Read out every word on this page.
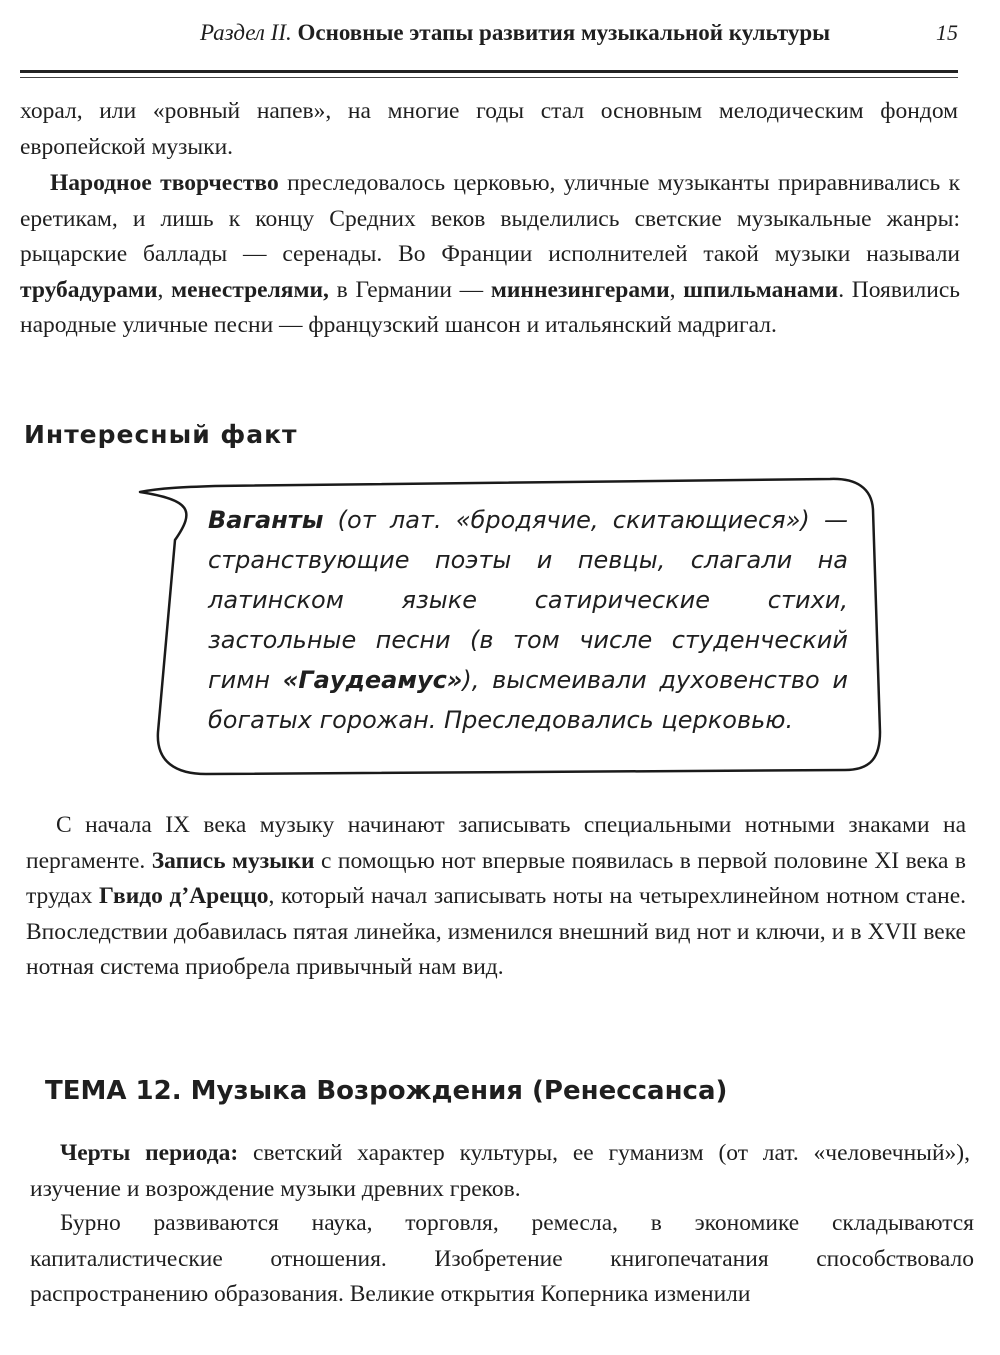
Раздел II. Основные этапы развития музыкальной культуры	15

хорал, или «ровный напев», на многие годы стал основным мелодическим фондом европейской музыки.

Народное творчество преследовалось церковью, уличные музыканты приравнивались к еретикам, и лишь к концу Средних веков выделились светские музыкальные жанры: рыцарские баллады — серенады. Во Франции исполнителей такой музыки называли трубадурами, менестрелями, в Германии — миннезингерами, шпильманами. Появились народные уличные песни — французский шансон и итальянский мадригал.

Интересный факт

Ваганты (от лат. «бродячие, скитающиеся») — странствующие поэты и певцы, слагали на латинском языке сатирические стихи, застольные песни (в том числе студенческий гимн «Гаудеамус»), высмеивали духовенство и богатых горожан. Преследовались церковью.

С начала IX века музыку начинают записывать специальными нотными знаками на пергаменте. Запись музыки с помощью нот впервые появилась в первой половине XI века в трудах Гвидо д’Ареццо, который начал записывать ноты на четырехлинейном нотном стане. Впоследствии добавилась пятая линейка, изменился внешний вид нот и ключи, и в XVII веке нотная система приобрела привычный нам вид.

ТЕМА 12. Музыка Возрождения (Ренессанса)

Черты периода: светский характер культуры, ее гуманизм (от лат. «человечный»), изучение и возрождение музыки древних греков.

Бурно развиваются наука, торговля, ремесла, в экономике складываются капиталистические отношения. Изобретение книгопечатания способствовало распространению образования. Великие открытия Коперника изменили
